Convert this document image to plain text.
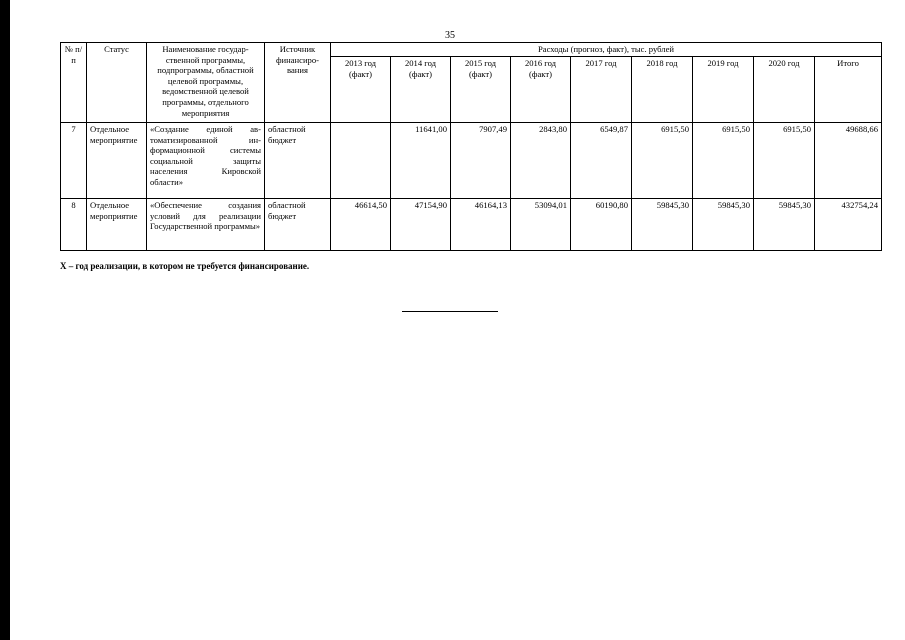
35
№ п/п	Статус	Наименование государственной программы, подпрограммы, областной целевой программы, ведомственной целевой программы, отдельного мероприятия	Источник финансирования	Расходы (прогноз, факт), тыс. рублей								
				2013 год (факт)	2014 год (факт)	2015 год (факт)	2016 год (факт)	2017 год	2018 год	2019 год	2020 год	Итого
7	Отдельное мероприятие	«Создание единой автоматизированной информационной системы социальной защиты населения Кировской области»	областной бюджет		11641,00	7907,49	2843,80	6549,87	6915,50	6915,50	6915,50	49688,66
8	Отдельное мероприятие	«Обеспечение создания условий для реализации Государственной программы»	областной бюджет	46614,50	47154,90	46164,13	53094,01	60190,80	59845,30	59845,30	59845,30	432754,24
Х – год реализации, в котором не требуется финансирование.
